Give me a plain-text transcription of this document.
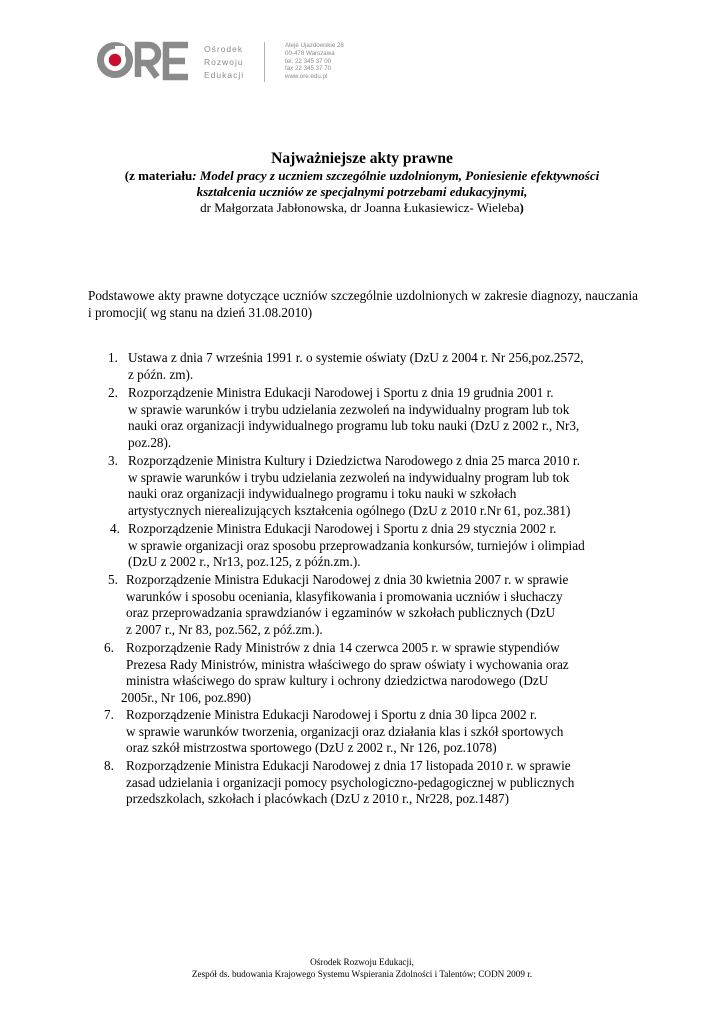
Ośrodek
Rozwoju
Edukacji
Aleje Ujazdowskie 28
00-478 Warszawa
tel. 22 345 37 00
fax 22 345 37 70
www.ore.edu.pl

Najważniejsze akty prawne

(z materiału: Model pracy z uczniem szczególnie uzdolnionym, Poniesienie efektywności

kształcenia uczniów ze specjalnymi potrzebami edukacyjnymi,

dr Małgorzata Jabłonowska, dr Joanna Łukasiewicz- Wieleba)

Podstawowe akty prawne dotyczące uczniów szczególnie uzdolnionych w zakresie diagnozy, nauczania i promocji( wg stanu na dzień 31.08.2010)

1. Ustawa z dnia 7 września 1991 r. o systemie oświaty (DzU z 2004 r. Nr 256,poz.2572,
z późn. zm).
2. Rozporządzenie Ministra Edukacji Narodowej i Sportu z dnia 19 grudnia 2001 r.
w sprawie warunków i trybu udzielania zezwoleń na indywidualny program lub tok
nauki oraz organizacji indywidualnego programu lub toku nauki (DzU z 2002 r., Nr3,
poz.28).
3. Rozporządzenie Ministra Kultury i Dziedzictwa Narodowego z dnia 25 marca 2010 r.
w sprawie warunków i trybu udzielania zezwoleń na indywidualny program lub tok
nauki oraz organizacji indywidualnego programu i toku nauki w szkołach
artystycznych nierealizujących kształcenia ogólnego (DzU z 2010 r.Nr 61, poz.381)
4. Rozporządzenie Ministra Edukacji Narodowej i Sportu z dnia 29 stycznia 2002 r.
w sprawie organizacji oraz sposobu przeprowadzania konkursów, turniejów i olimpiad
(DzU z 2002 r., Nr13, poz.125, z późn.zm.).
5. Rozporządzenie Ministra Edukacji Narodowej z dnia 30 kwietnia 2007 r. w sprawie
warunków i sposobu oceniania, klasyfikowania i promowania uczniów i słuchaczy
oraz przeprowadzania sprawdzianów i egzaminów w szkołach publicznych (DzU
z 2007 r., Nr 83, poz.562, z póź.zm.).
6. Rozporządzenie Rady Ministrów z dnia 14 czerwca 2005 r. w sprawie stypendiów
Prezesa Rady Ministrów, ministra właściwego do spraw oświaty i wychowania oraz
ministra właściwego do spraw kultury i ochrony dziedzictwa narodowego (DzU
2005r., Nr 106, poz.890)
7. Rozporządzenie Ministra Edukacji Narodowej i Sportu z dnia 30 lipca 2002 r.
w sprawie warunków tworzenia, organizacji oraz działania klas i szkół sportowych
oraz szkół mistrzostwa sportowego (DzU z 2002 r., Nr 126, poz.1078)
8. Rozporządzenie Ministra Edukacji Narodowej z dnia 17 listopada 2010 r. w sprawie
zasad udzielania i organizacji pomocy psychologiczno-pedagogicznej w publicznych
przedszkolach, szkołach i placówkach (DzU z 2010 r., Nr228, poz.1487)
Ośrodek Rozwoju Edukacji,
Zespół ds. budowania Krajowego Systemu Wspierania Zdolności i Talentów; CODN 2009 r.
